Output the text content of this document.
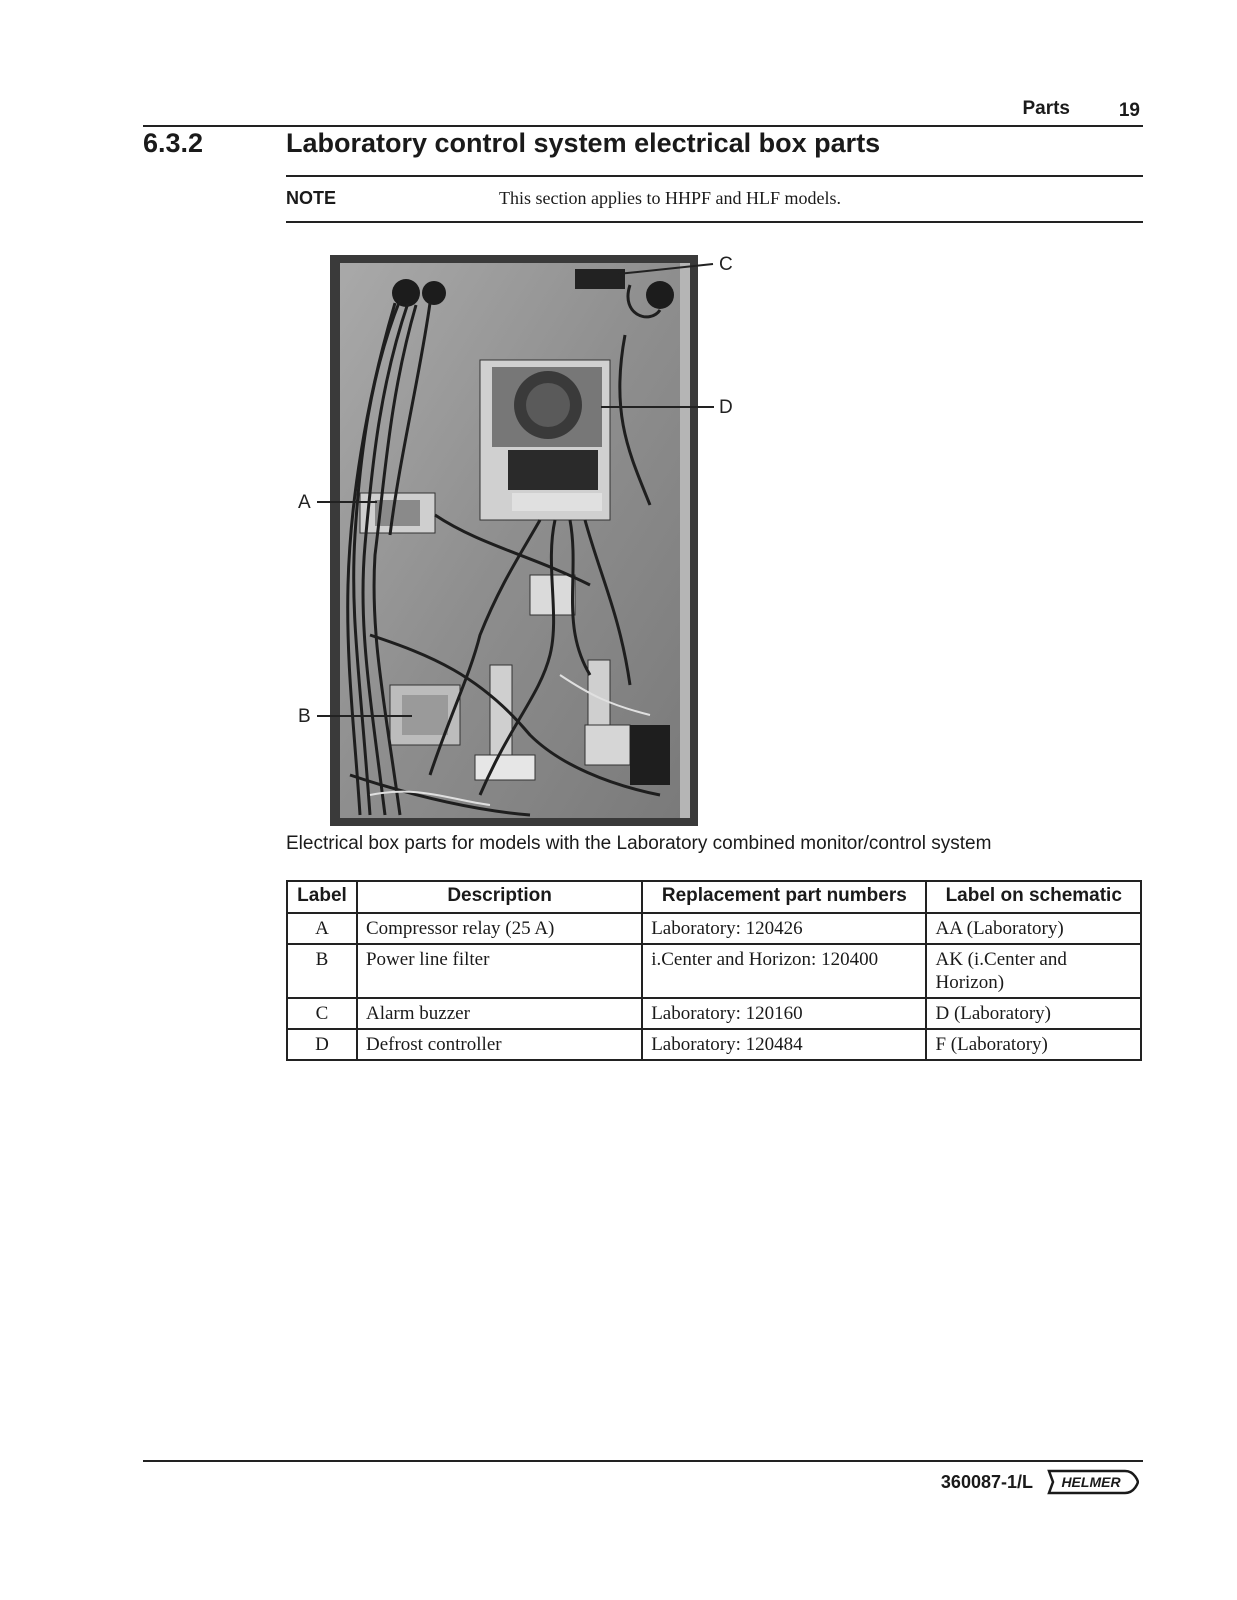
Parts	19
6.3.2	Laboratory control system electrical box parts
NOTE	This section applies to HHPF and HLF models.
C
D
A
B
Electrical box parts for models with the Laboratory combined monitor/control system
Label	Description	Replacement part numbers	Label on schematic
A	Compressor relay (25 A)	Laboratory: 120426	AA (Laboratory)
B	Power line filter	i.Center and Horizon: 120400	AK (i.Center and Horizon)
C	Alarm buzzer	Laboratory: 120160	D (Laboratory)
D	Defrost controller	Laboratory: 120484	F (Laboratory)
360087-1/L HELMER
